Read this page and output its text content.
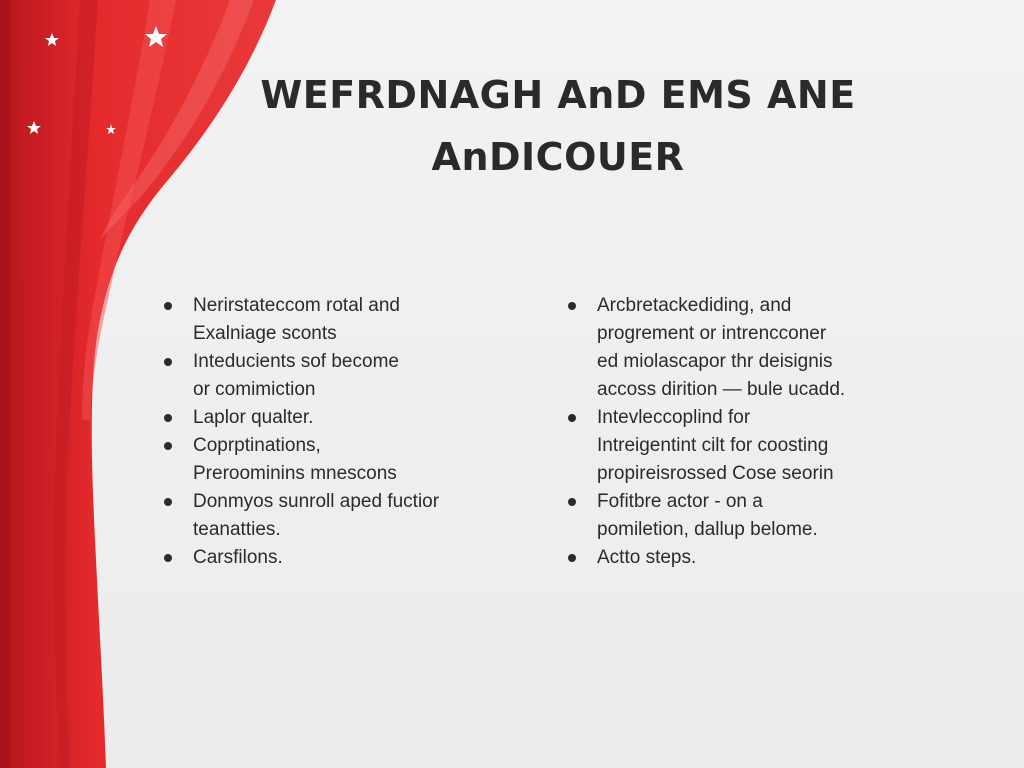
WEFRDNAGH AnD EMS ANE
AnDICOUER
Nerirstateccom rotal and
Exalniage sconts
Inteducients sof become
or comimiction
Laplor qualter.
Coprptinations,
Preroominins mnescons
Donmyos sunroll aped fuctior
teanatties.
Carsfilons.
Arcbretackediding, and
progrement or intrencconer
ed miolascapor thr deisignis
accoss dirition — bule ucadd.
Intevleccoplind for
Intreigentint cilt for coosting
propireisrossed Cose seorin
Fofitbre actor - on a
pomiletion, dallup belome.
Actto steps.
